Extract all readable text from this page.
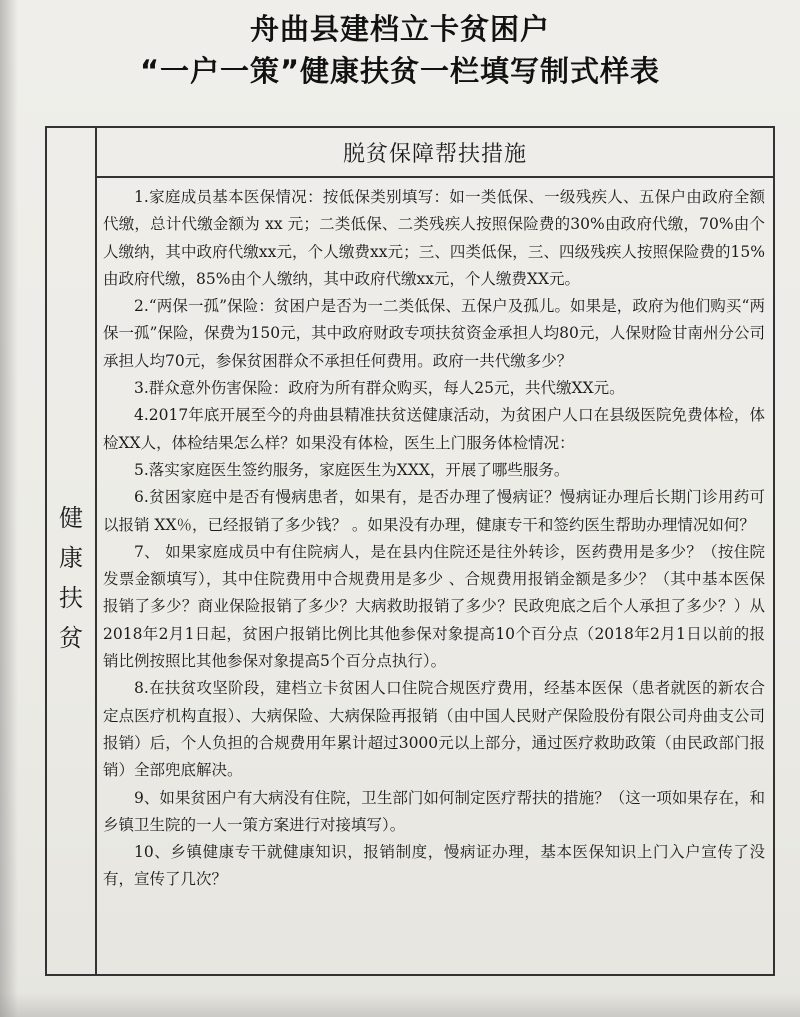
舟曲县建档立卡贫困户
“一户一策”健康扶贫一栏填写制式样表
脱贫保障帮扶措施
健
康
扶
贫

1.家庭成员基本医保情况：按低保类别填写：如一类低保、一级残疾人、五保户由政府全额代缴，总计代缴金额为 xx 元；二类低保、二类残疾人按照保险费的30%由政府代缴，70%由个人缴纳，其中政府代缴xx元，个人缴费xx元；三、四类低保，三、四级残疾人按照保险费的15%由政府代缴，85%由个人缴纳，其中政府代缴xx元，个人缴费XX元。

2.“两保一孤”保险：贫困户是否为一二类低保、五保户及孤儿。如果是，政府为他们购买“两保一孤”保险，保费为150元，其中政府财政专项扶贫资金承担人均80元，人保财险甘南州分公司承担人均70元，参保贫困群众不承担任何费用。政府一共代缴多少？

3.群众意外伤害保险：政府为所有群众购买，每人25元，共代缴XX元。

4.2017年底开展至今的舟曲县精准扶贫送健康活动，为贫困户人口在县级医院免费体检，体检XX人，体检结果怎么样？如果没有体检，医生上门服务体检情况：

5.落实家庭医生签约服务，家庭医生为XXX，开展了哪些服务。

6.贫困家庭中是否有慢病患者，如果有，是否办理了慢病证？慢病证办理后长期门诊用药可以报销 XX％，已经报销了多少钱？ 。如果没有办理，健康专干和签约医生帮助办理情况如何？

7、 如果家庭成员中有住院病人，是在县内住院还是往外转诊，医药费用是多少？（按住院发票金额填写），其中住院费用中合规费用是多少 、合规费用报销金额是多少？（其中基本医保报销了多少？商业保险报销了多少？大病救助报销了多少？民政兜底之后个人承担了多少？）从2018年2月1日起，贫困户报销比例比其他参保对象提高10个百分点（2018年2月1日以前的报销比例按照比其他参保对象提高5个百分点执行）。

8.在扶贫攻坚阶段，建档立卡贫困人口住院合规医疗费用，经基本医保（患者就医的新农合定点医疗机构直报）、大病保险、大病保险再报销（由中国人民财产保险股份有限公司舟曲支公司报销）后，个人负担的合规费用年累计超过3000元以上部分，通过医疗救助政策（由民政部门报销）全部兜底解决。

9、如果贫困户有大病没有住院，卫生部门如何制定医疗帮扶的措施？（这一项如果存在，和乡镇卫生院的一人一策方案进行对接填写）。

10、乡镇健康专干就健康知识，报销制度，慢病证办理，基本医保知识上门入户宣传了没有，宣传了几次？
